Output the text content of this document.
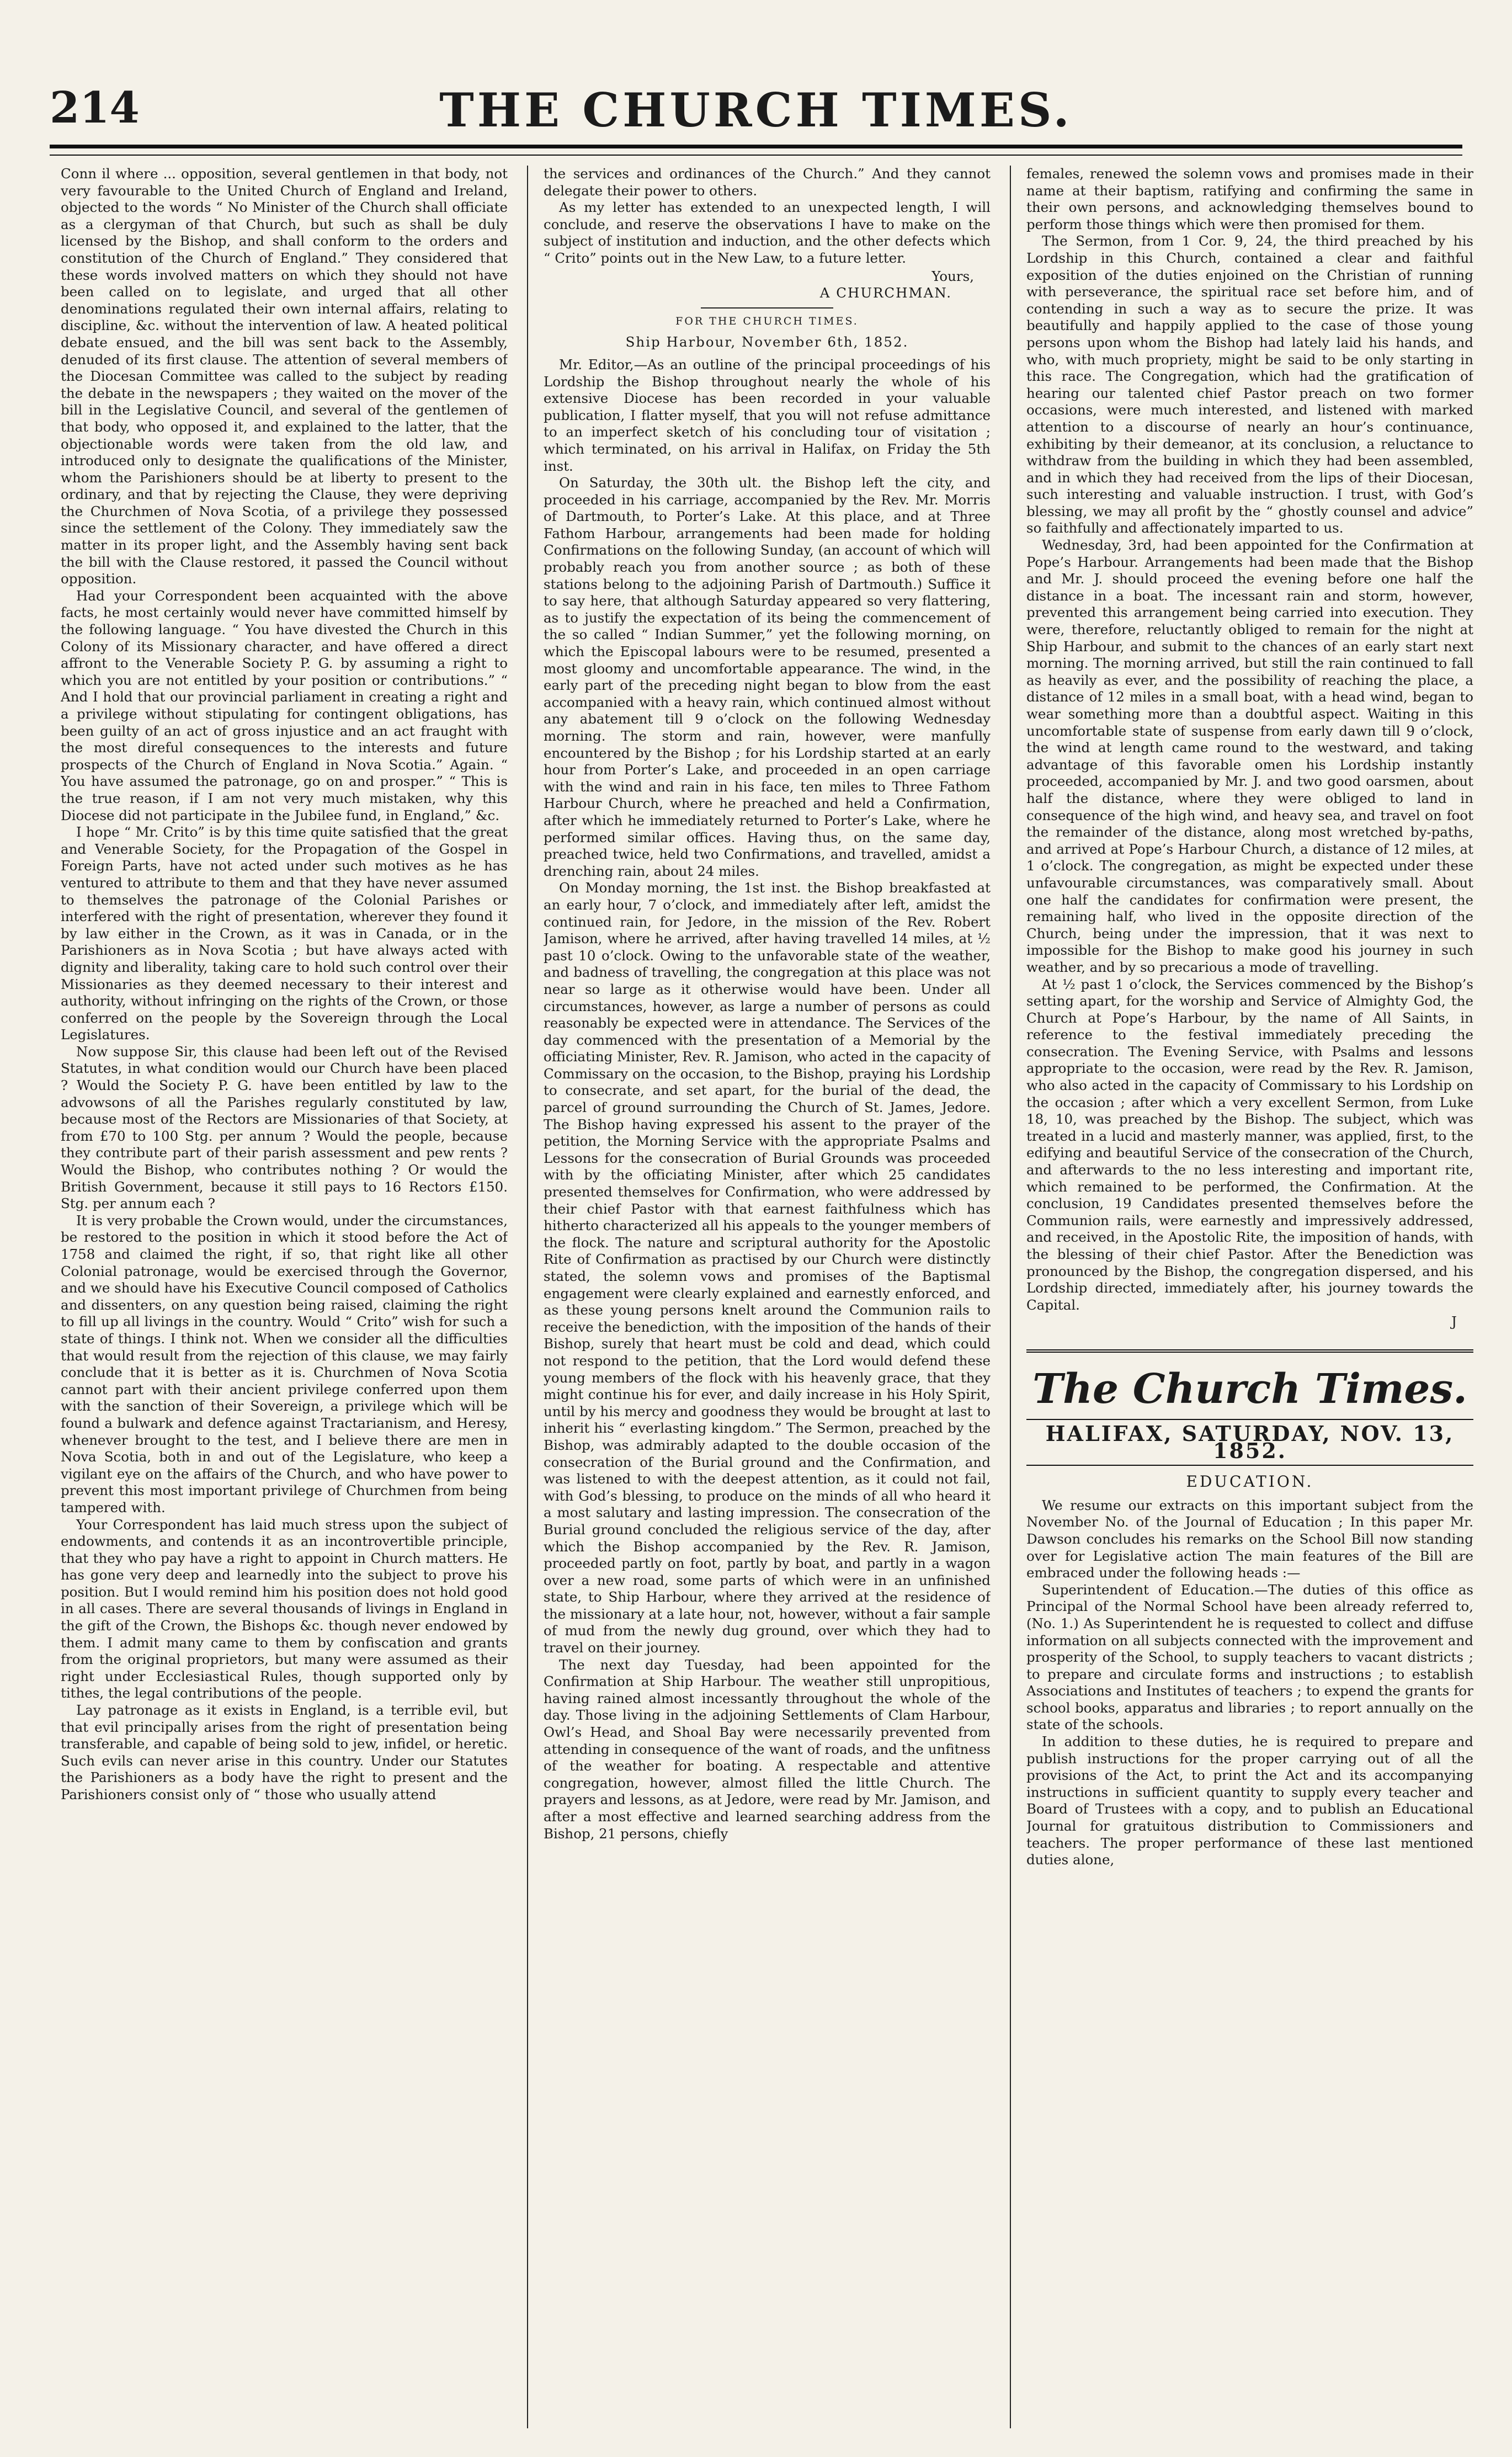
214	THE CHURCH TIMES.

Conn il where ... opposition, several gentlemen in that body, not very favourable to the United Church of England and Ireland, objected to the words “ No Minister of the Church shall officiate as a clergyman of that Church, but such as shall be duly licensed by the Bishop, and shall conform to the orders and constitution of the Church of England.” They considered that these words involved matters on which they should not have been called on to legislate, and urged that all other denominations regulated their own internal affairs, relating to discipline, &c. without the intervention of law. A heated political debate ensued, and the bill was sent back to the Assembly, denuded of its first clause. The attention of several members of the Diocesan Committee was called to the subject by reading the debate in the newspapers ; they waited on the mover of the bill in the Legislative Council, and several of the gentlemen of that body, who opposed it, and explained to the latter, that the objectionable words were taken from the old law, and introduced only to designate the qualifications of the Minister, whom the Parishioners should be at liberty to present to the ordinary, and that by rejecting the Clause, they were depriving the Churchmen of Nova Scotia, of a privilege they possessed since the settlement of the Colony. They immediately saw the matter in its proper light, and the Assembly having sent back the bill with the Clause restored, it passed the Council without opposition.

Had your Correspondent been acquainted with the above facts, he most certainly would never have committed himself by the following language. “ You have divested the Church in this Colony of its Missionary character, and have offered a direct affront to the Venerable Society P. G. by assuming a right to which you are not entitled by your position or contributions.” “ And I hold that our provincial parliament in creating a right and a privilege without stipulating for contingent obligations, has been guilty of an act of gross injustice and an act fraught with the most direful consequences to the interests and future prospects of the Church of England in Nova Scotia.” Again. “ You have assumed the patronage, go on and prosper.” “ This is the true reason, if I am not very much mistaken, why this Diocese did not participate in the Jubilee fund, in England,” &c.

I hope “ Mr. Crito” is by this time quite satisfied that the great and Venerable Society, for the Propagation of the Gospel in Foreign Parts, have not acted under such motives as he has ventured to attribute to them and that they have never assumed to themselves the patronage of the Colonial Parishes or interfered with the right of presentation, wherever they found it by law either in the Crown, as it was in Canada, or in the Parishioners as in Nova Scotia ; but have always acted with dignity and liberality, taking care to hold such control over their Missionaries as they deemed necessary to their interest and authority, without infringing on the rights of the Crown, or those conferred on the people by the Sovereign through the Local Legislatures.

Now suppose Sir, this clause had been left out of the Revised Statutes, in what condition would our Church have been placed ? Would the Society P. G. have been entitled by law to the advowsons of all the Parishes regularly constituted by law, because most of the Rectors are Missionaries of that Society, at from £70 to 100 Stg. per annum ? Would the people, because they contribute part of their parish assessment and pew rents ? Would the Bishop, who contributes nothing ? Or would the British Government, because it still pays to 16 Rectors £150. Stg. per annum each ?

It is very probable the Crown would, under the circumstances, be restored to the position in which it stood before the Act of 1758 and claimed the right, if so, that right like all other Colonial patronage, would be exercised through the Governor, and we should have his Executive Council composed of Catholics and dissenters, on any question being raised, claiming the right to fill up all livings in the country. Would “ Crito” wish for such a state of things. I think not. When we consider all the difficulties that would result from the rejection of this clause, we may fairly conclude that it is better as it is. Churchmen of Nova Scotia cannot part with their ancient privilege conferred upon them with the sanction of their Sovereign, a privilege which will be found a bulwark and defence against Tractarianism, and Heresy, whenever brought to the test, and I believe there are men in Nova Scotia, both in and out of the Legislature, who keep a vigilant eye on the affairs of the Church, and who have power to prevent this most important privilege of Churchmen from being tampered with.

Your Correspondent has laid much stress upon the subject of endowments, and contends it as an incontrovertible principle, that they who pay have a right to appoint in Church matters. He has gone very deep and learnedly into the subject to prove his position. But I would remind him his position does not hold good in all cases. There are several thousands of livings in England in the gift of the Crown, the Bishops &c. though never endowed by them. I admit many came to them by confiscation and grants from the original proprietors, but many were assumed as their right under Ecclesiastical Rules, though supported only by tithes, the legal contributions of the people.

Lay patronage as it exists in England, is a terrible evil, but that evil principally arises from the right of presentation being transferable, and capable of being sold to jew, infidel, or heretic. Such evils can never arise in this country. Under our Statutes the Parishioners as a body have the right to present and the Parishioners consist only of “ those who usually attend

the services and ordinances of the Church.” And they cannot delegate their power to others.

As my letter has extended to an unexpected length, I will conclude, and reserve the observations I have to make on the subject of institution and induction, and the other defects which “ Crito” points out in the New Law, to a future letter.

Yours,
A CHURCHMAN.
FOR THE CHURCH TIMES.
Ship Harbour, November 6th, 1852.

Mr. Editor,—As an outline of the principal proceedings of his Lordship the Bishop throughout nearly the whole of his extensive Diocese has been recorded in your valuable publication, I flatter myself, that you will not refuse admittance to an imperfect sketch of his concluding tour of visitation ; which terminated, on his arrival in Halifax, on Friday the 5th inst.

On Saturday, the 30th ult. the Bishop left the city, and proceeded in his carriage, accompanied by the Rev. Mr. Morris of Dartmouth, to Porter’s Lake. At this place, and at Three Fathom Harbour, arrangements had been made for holding Confirmations on the following Sunday, (an account of which will probably reach you from another source ; as both of these stations belong to the adjoining Parish of Dartmouth.) Suffice it to say here, that although Saturday appeared so very flattering, as to justify the expectation of its being the commencement of the so called “ Indian Summer,” yet the following morning, on which the Episcopal labours were to be resumed, presented a most gloomy and uncomfortable appearance. The wind, in the early part of the preceding night began to blow from the east accompanied with a heavy rain, which continued almost without any abatement till 9 o’clock on the following Wednesday morning. The storm and rain, however, were manfully encountered by the Bishop ; for his Lordship started at an early hour from Porter’s Lake, and proceeded in an open carriage with the wind and rain in his face, ten miles to Three Fathom Harbour Church, where he preached and held a Confirmation, after which he immediately returned to Porter’s Lake, where he performed similar offices. Having thus, on the same day, preached twice, held two Confirmations, and travelled, amidst a drenching rain, about 24 miles.

On Monday morning, the 1st inst. the Bishop breakfasted at an early hour, 7 o’clock, and immediately after left, amidst the continued rain, for Jedore, in the mission of the Rev. Robert Jamison, where he arrived, after having travelled 14 miles, at ½ past 10 o’clock. Owing to the unfavorable state of the weather, and badness of travelling, the congregation at this place was not near so large as it otherwise would have been. Under all circumstances, however, as large a number of persons as could reasonably be expected were in attendance. The Services of the day commenced with the presentation of a Memorial by the officiating Minister, Rev. R. Jamison, who acted in the capacity of Commissary on the occasion, to the Bishop, praying his Lordship to consecrate, and set apart, for the burial of the dead, the parcel of ground surrounding the Church of St. James, Jedore. The Bishop having expressed his assent to the prayer of the petition, the Morning Service with the appropriate Psalms and Lessons for the consecration of Burial Grounds was proceeded with by the officiating Minister, after which 25 candidates presented themselves for Confirmation, who were addressed by their chief Pastor with that earnest faithfulness which has hitherto characterized all his appeals to the younger members of the flock. The nature and scriptural authority for the Apostolic Rite of Confirmation as practised by our Church were distinctly stated, the solemn vows and promises of the Baptismal engagement were clearly explained and earnestly enforced, and as these young persons knelt around the Communion rails to receive the benediction, with the imposition of the hands of their Bishop, surely that heart must be cold and dead, which could not respond to the petition, that the Lord would defend these young members of the flock with his heavenly grace, that they might continue his for ever, and daily increase in his Holy Spirit, until by his mercy and goodness they would be brought at last to inherit his “ everlasting kingdom.” The Sermon, preached by the Bishop, was admirably adapted to the double occasion of the consecration of the Burial ground and the Confirmation, and was listened to with the deepest attention, as it could not fail, with God’s blessing, to produce on the minds of all who heard it a most salutary and lasting impression. The consecration of the Burial ground concluded the religious service of the day, after which the Bishop accompanied by the Rev. R. Jamison, proceeded partly on foot, partly by boat, and partly in a wagon over a new road, some parts of which were in an unfinished state, to Ship Harbour, where they arrived at the residence of the missionary at a late hour, not, however, without a fair sample of mud from the newly dug ground, over which they had to travel on their journey.

The next day Tuesday, had been appointed for the Confirmation at Ship Harbour. The weather still unpropitious, having rained almost incessantly throughout the whole of the day. Those living in the adjoining Settlements of Clam Harbour, Owl’s Head, and Shoal Bay were necessarily prevented from attending in consequence of the want of roads, and the unfitness of the weather for boating. A respectable and attentive congregation, however, almost filled the little Church. The prayers and lessons, as at Jedore, were read by Mr. Jamison, and after a most effective and learned searching address from the Bishop, 21 persons, chiefly

females, renewed the solemn vows and promises made in their name at their baptism, ratifying and confirming the same in their own persons, and acknowledging themselves bound to perform those things which were then promised for them.

The Sermon, from 1 Cor. 9, 24, the third preached by his Lordship in this Church, contained a clear and faithful exposition of the duties enjoined on the Christian of running with perseverance, the spiritual race set before him, and of contending in such a way as to secure the prize. It was beautifully and happily applied to the case of those young persons upon whom the Bishop had lately laid his hands, and who, with much propriety, might be said to be only starting in this race. The Congregation, which had the gratification of hearing our talented chief Pastor preach on two former occasions, were much interested, and listened with marked attention to a discourse of nearly an hour’s continuance, exhibiting by their demeanor, at its conclusion, a reluctance to withdraw from the building in which they had been assembled, and in which they had received from the lips of their Diocesan, such interesting and valuable instruction. I trust, with God’s blessing, we may all profit by the “ ghostly counsel and advice” so faithfully and affectionately imparted to us.

Wednesday, 3rd, had been appointed for the Confirmation at Pope’s Harbour. Arrangements had been made that the Bishop and Mr. J. should proceed the evening before one half the distance in a boat. The incessant rain and storm, however, prevented this arrangement being carried into execution. They were, therefore, reluctantly obliged to remain for the night at Ship Harbour, and submit to the chances of an early start next morning. The morning arrived, but still the rain continued to fall as heavily as ever, and the possibility of reaching the place, a distance of 12 miles in a small boat, with a head wind, began to wear something more than a doubtful aspect. Waiting in this uncomfortable state of suspense from early dawn till 9 o’clock, the wind at length came round to the westward, and taking advantage of this favorable omen his Lordship instantly proceeded, accompanied by Mr. J. and two good oarsmen, about half the distance, where they were obliged to land in consequence of the high wind, and heavy sea, and travel on foot the remainder of the distance, along most wretched by-paths, and arrived at Pope’s Harbour Church, a distance of 12 miles, at 1 o’clock. The congregation, as might be expected under these unfavourable circumstances, was comparatively small. About one half the candidates for confirmation were present, the remaining half, who lived in the opposite direction of the Church, being under the impression, that it was next to impossible for the Bishop to make good his journey in such weather, and by so precarious a mode of travelling.

At ½ past 1 o’clock, the Services commenced by the Bishop’s setting apart, for the worship and Service of Almighty God, the Church at Pope’s Harbour, by the name of All Saints, in reference to the festival immediately preceding the consecration. The Evening Service, with Psalms and lessons appropriate to the occasion, were read by the Rev. R. Jamison, who also acted in the capacity of Commissary to his Lordship on the occasion ; after which a very excellent Sermon, from Luke 18, 10, was preached by the Bishop. The subject, which was treated in a lucid and masterly manner, was applied, first, to the edifying and beautiful Service of the consecration of the Church, and afterwards to the no less interesting and important rite, which remained to be performed, the Confirmation. At the conclusion, 19 Candidates presented themselves before the Communion rails, were earnestly and impressively addressed, and received, in the Apostolic Rite, the imposition of hands, with the blessing of their chief Pastor. After the Benediction was pronounced by the Bishop, the congregation dispersed, and his Lordship directed, immediately after, his journey towards the Capital.

J
The Church Times.
HALIFAX, SATURDAY, NOV. 13, 1852.
EDUCATION.

We resume our extracts on this important subject from the November No. of the Journal of Education ; In this paper Mr. Dawson concludes his remarks on the School Bill now standing over for Legislative action The main features of the Bill are embraced under the following heads :—

Superintendent of Education.—The duties of this office as Principal of the Normal School have been already referred to, (No. 1.) As Superintendent he is requested to collect and diffuse information on all subjects connected with the improvement and prosperity of the School, to supply teachers to vacant districts ; to prepare and circulate forms and instructions ; to establish Associations and Institutes of teachers ; to expend the grants for school books, apparatus and libraries ; to report annually on the state of the schools.

In addition to these duties, he is required to prepare and publish instructions for the proper carrying out of all the provisions of the Act, to print the Act and its accompanying instructions in sufficient quantity to supply every teacher and Board of Trustees with a copy, and to publish an Educational Journal for gratuitous distribution to Commissioners and teachers. The proper performance of these last mentioned duties alone,
